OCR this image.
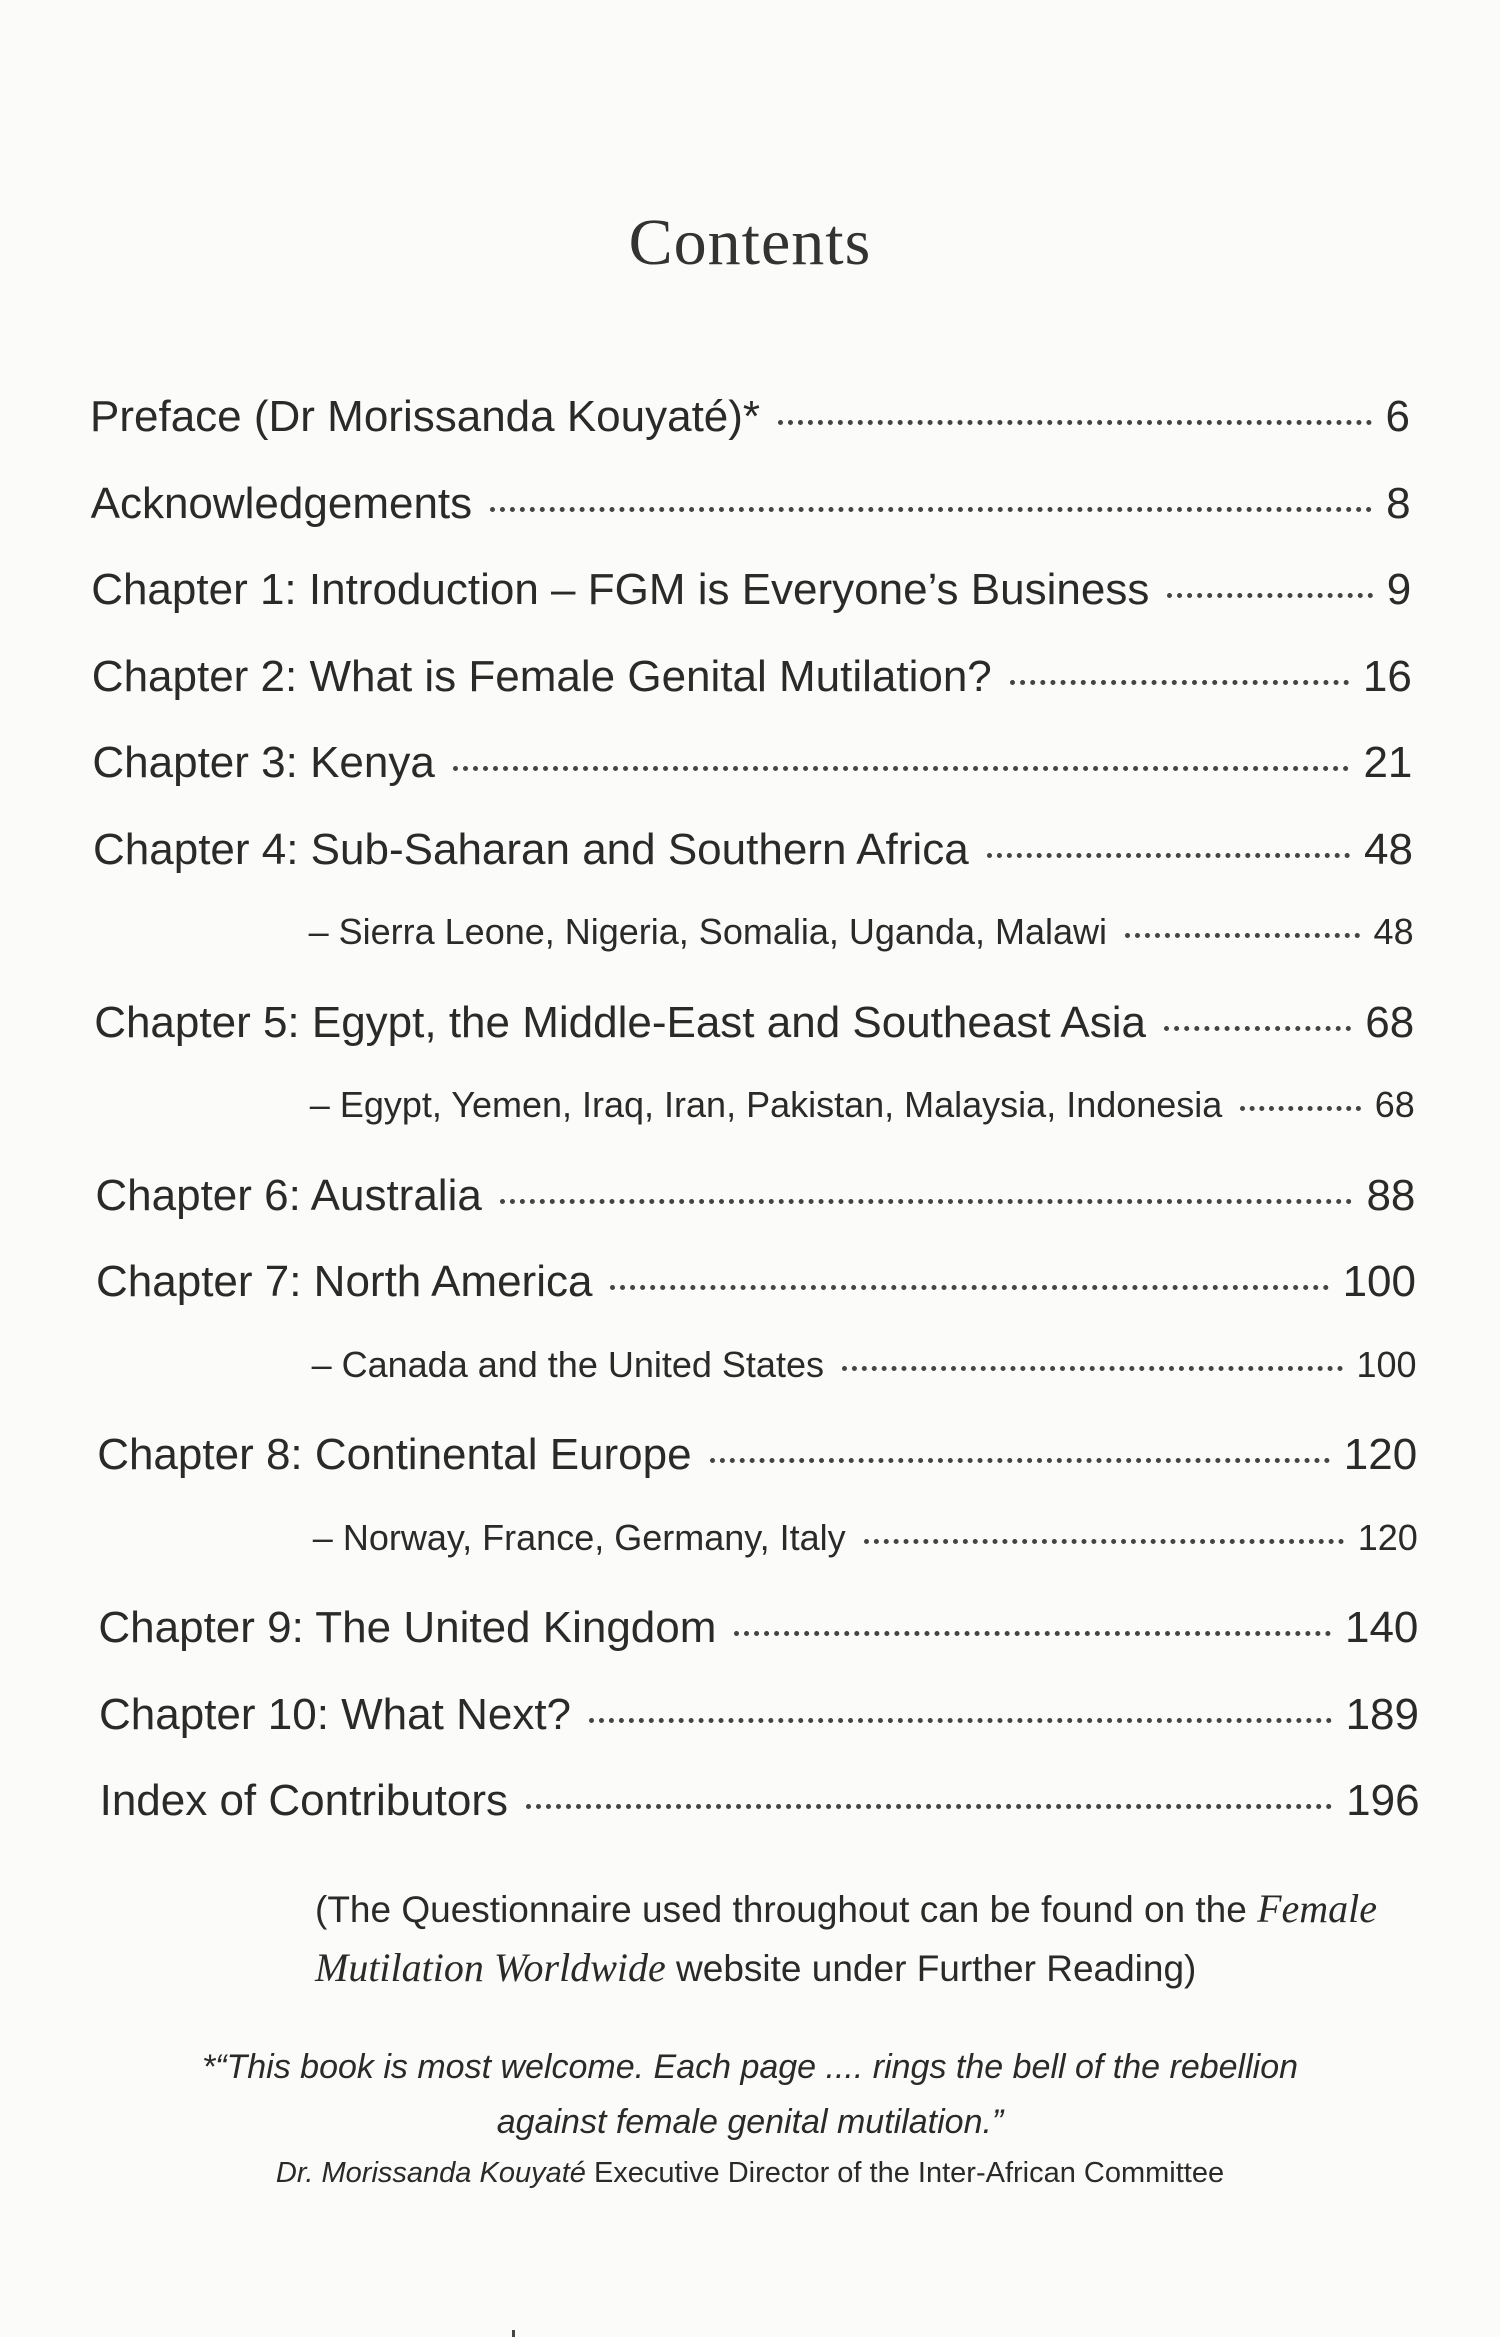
Contents
Preface (Dr Morissanda Kouyaté)*	6
Acknowledgements	8
Chapter 1: Introduction – FGM is Everyone’s Business	9
Chapter 2: What is Female Genital Mutilation?	16
Chapter 3: Kenya	21
Chapter 4: Sub-Saharan and Southern Africa	48
– Sierra Leone, Nigeria, Somalia, Uganda, Malawi	48
Chapter 5: Egypt, the Middle-East and Southeast Asia	68
– Egypt, Yemen, Iraq, Iran, Pakistan, Malaysia, Indonesia	68
Chapter 6: Australia	88
Chapter 7: North America	100
– Canada and the United States	100
Chapter 8: Continental Europe	120
– Norway, France, Germany, Italy	120
Chapter 9: The United Kingdom	140
Chapter 10: What Next?	189
Index of Contributors	196
(The Questionnaire used throughout can be found on the Female Mutilation Worldwide website under Further Reading)
*“This book is most welcome. Each page .... rings the bell of the rebellion
against female genital mutilation.”
Dr. Morissanda Kouyaté Executive Director of the Inter-African Committee
